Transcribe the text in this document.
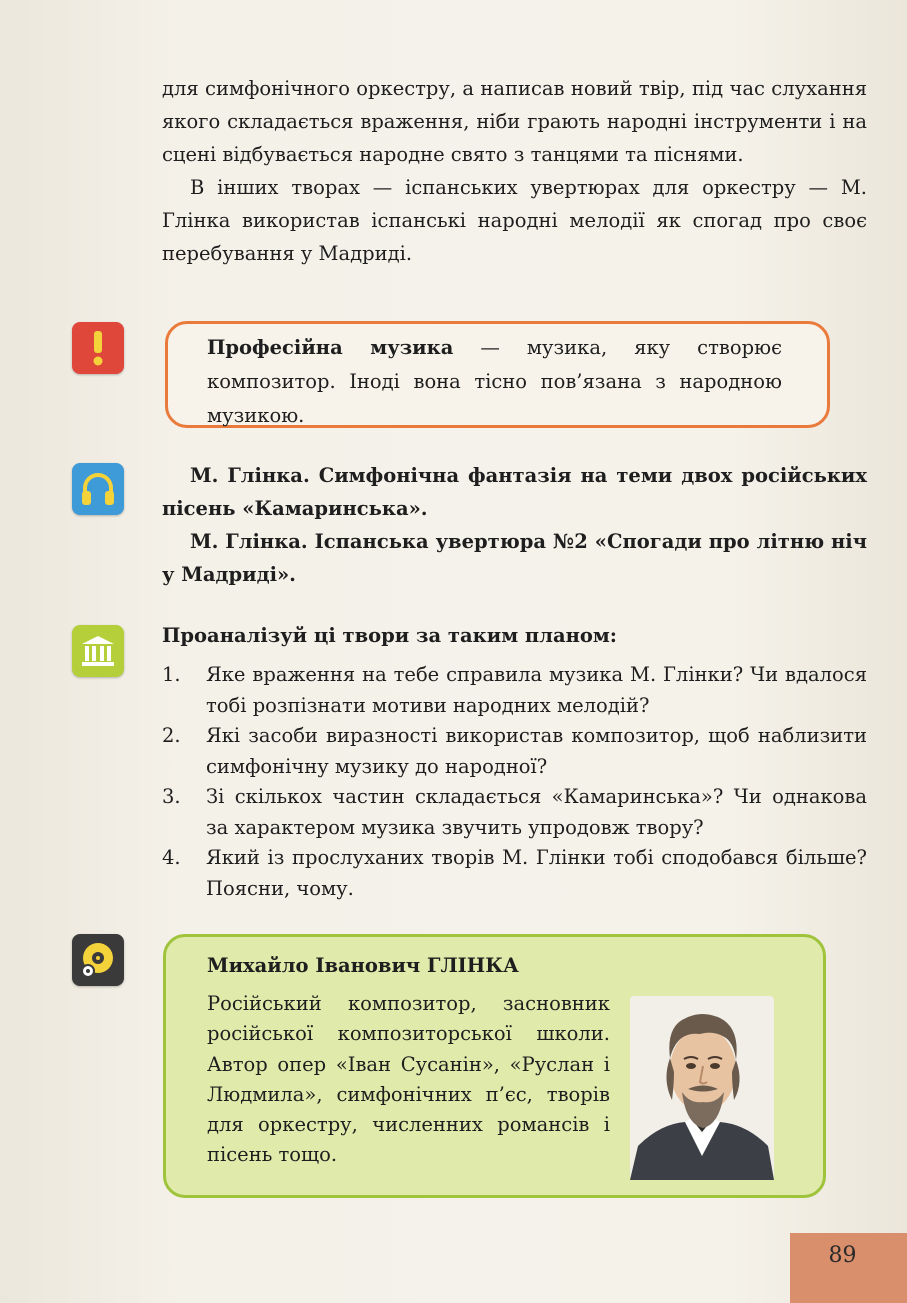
для симфонічного оркестру, а написав новий твір, під час слухання якого складається враження, ніби грають народні інструменти і на сцені відбувається народне свято з танцями та піснями.

В інших творах — іспанських увертюрах для оркестру — М. Глінка використав іспанські народні мелодії як спогад про своє перебування у Мадриді.

Професійна музика — музика, яку створює композитор. Іноді вона тісно пов’язана з народною музикою.

М. Глінка. Симфонічна фантазія на теми двох російських пісень «Камаринська».

М. Глінка. Іспанська увертюра №2 «Спогади про літню ніч у Мадриді».

Проаналізуй ці твори за таким планом:
1.	Яке враження на тебе справила музика М. Глінки? Чи вдалося тобі розпізнати мотиви народних мелодій?
2.	Які засоби виразності використав композитор, щоб наблизити симфонічну музику до народної?
3.	Зі скількох частин складається «Камаринська»? Чи однакова за характером музика звучить упродовж твору?
4.	Який із прослуханих творів М. Глінки тобі сподобався більше? Поясни, чому.
Михайло Іванович ГЛІНКА
Російський композитор, засновник російської композиторської школи. Автор опер «Іван Сусанін», «Руслан і Людмила», симфонічних п’єс, творів для оркестру, численних романсів і пісень тощо.
89
